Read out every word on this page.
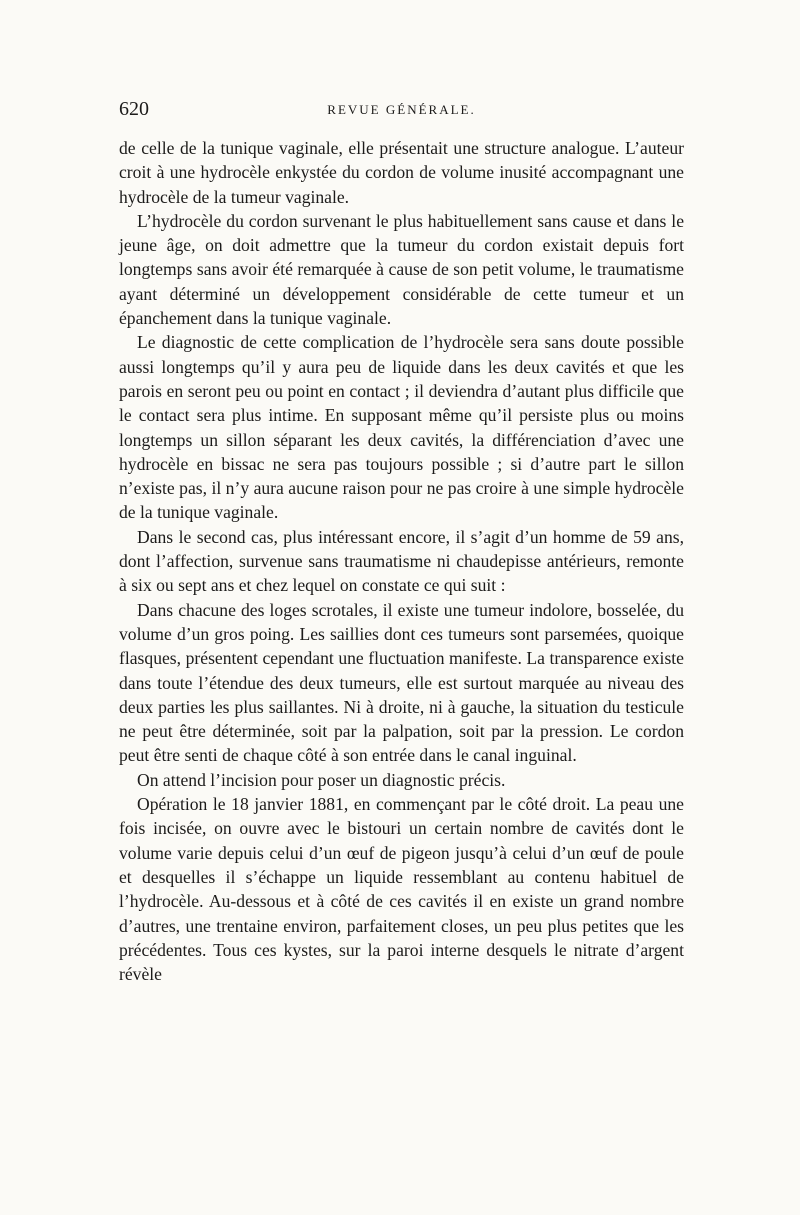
620	REVUE GÉNÉRALE.

de celle de la tunique vaginale, elle présentait une structure analogue. L’auteur croit à une hydrocèle enkystée du cordon de volume inusité accompagnant une hydrocèle de la tumeur vaginale.

L’hydrocèle du cordon survenant le plus habituellement sans cause et dans le jeune âge, on doit admettre que la tumeur du cordon existait depuis fort longtemps sans avoir été remarquée à cause de son petit volume, le traumatisme ayant déterminé un développement considérable de cette tumeur et un épanchement dans la tunique vaginale.

Le diagnostic de cette complication de l’hydrocèle sera sans doute possible aussi longtemps qu’il y aura peu de liquide dans les deux cavités et que les parois en seront peu ou point en contact ; il deviendra d’autant plus difficile que le contact sera plus intime. En supposant même qu’il persiste plus ou moins longtemps un sillon séparant les deux cavités, la différenciation d’avec une hydrocèle en bissac ne sera pas toujours possible ; si d’autre part le sillon n’existe pas, il n’y aura aucune raison pour ne pas croire à une simple hydrocèle de la tunique vaginale.

Dans le second cas, plus intéressant encore, il s’agit d’un homme de 59 ans, dont l’affection, survenue sans traumatisme ni chaudepisse antérieurs, remonte à six ou sept ans et chez lequel on constate ce qui suit :

Dans chacune des loges scrotales, il existe une tumeur indolore, bosselée, du volume d’un gros poing. Les saillies dont ces tumeurs sont parsemées, quoique flasques, présentent cependant une fluctuation manifeste. La transparence existe dans toute l’étendue des deux tumeurs, elle est surtout marquée au niveau des deux parties les plus saillantes. Ni à droite, ni à gauche, la situation du testicule ne peut être déterminée, soit par la palpation, soit par la pression. Le cordon peut être senti de chaque côté à son entrée dans le canal inguinal.

On attend l’incision pour poser un diagnostic précis.

Opération le 18 janvier 1881, en commençant par le côté droit. La peau une fois incisée, on ouvre avec le bistouri un certain nombre de cavités dont le volume varie depuis celui d’un œuf de pigeon jusqu’à celui d’un œuf de poule et desquelles il s’échappe un liquide ressemblant au contenu habituel de l’hydrocèle. Au-dessous et à côté de ces cavités il en existe un grand nombre d’autres, une trentaine environ, parfaitement closes, un peu plus petites que les précédentes. Tous ces kystes, sur la paroi interne desquels le nitrate d’argent révèle
